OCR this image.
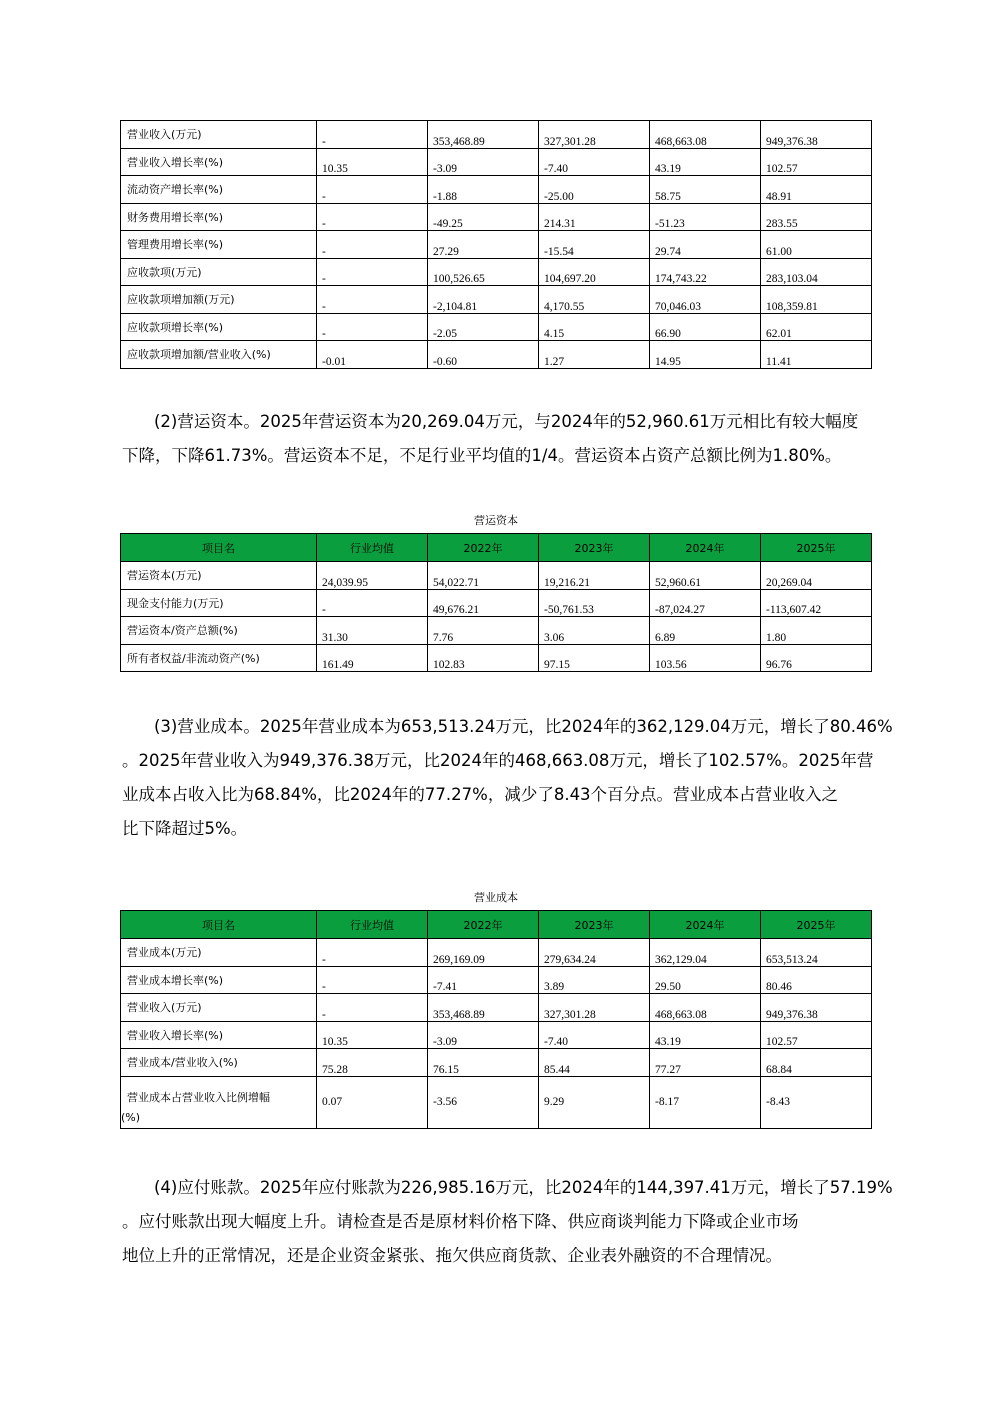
营业收入(万元)	-	353,468.89	327,301.28	468,663.08	949,376.38
营业收入增长率(%)	10.35	-3.09	-7.40	43.19	102.57
流动资产增长率(%)	-	-1.88	-25.00	58.75	48.91
财务费用增长率(%)	-	-49.25	214.31	-51.23	283.55
管理费用增长率(%)	-	27.29	-15.54	29.74	61.00
应收款项(万元)	-	100,526.65	104,697.20	174,743.22	283,103.04
应收款项增加额(万元)	-	-2,104.81	4,170.55	70,046.03	108,359.81
应收款项增长率(%)	-	-2.05	4.15	66.90	62.01
应收款项增加额/营业收入(%)	-0.01	-0.60	1.27	14.95	11.41
(2)营运资本。2025年营运资本为20,269.04万元，与2024年的52,960.61万元相比有较大幅度
下降，下降61.73%。营运资本不足，不足行业平均值的1/4。营运资本占资产总额比例为1.80%。
营运资本
项目名	行业均值	2022年	2023年	2024年	2025年
营运资本(万元)	24,039.95	54,022.71	19,216.21	52,960.61	20,269.04
现金支付能力(万元)	-	49,676.21	-50,761.53	-87,024.27	-113,607.42
营运资本/资产总额(%)	31.30	7.76	3.06	6.89	1.80
所有者权益/非流动资产(%)	161.49	102.83	97.15	103.56	96.76
(3)营业成本。2025年营业成本为653,513.24万元，比2024年的362,129.04万元，增长了80.46%
。2025年营业收入为949,376.38万元，比2024年的468,663.08万元，增长了102.57%。2025年营
业成本占收入比为68.84%，比2024年的77.27%，减少了8.43个百分点。营业成本占营业收入之
比下降超过5%。
营业成本
项目名	行业均值	2022年	2023年	2024年	2025年
营业成本(万元)	-	269,169.09	279,634.24	362,129.04	653,513.24
营业成本增长率(%)	-	-7.41	3.89	29.50	80.46
营业收入(万元)	-	353,468.89	327,301.28	468,663.08	949,376.38
营业收入增长率(%)	10.35	-3.09	-7.40	43.19	102.57
营业成本/营业收入(%)	75.28	76.15	85.44	77.27	68.84

营业成本占营业收入比例增幅
(%)	0.07	-3.56	9.29	-8.17	-8.43
(4)应付账款。2025年应付账款为226,985.16万元，比2024年的144,397.41万元，增长了57.19%
。应付账款出现大幅度上升。请检查是否是原材料价格下降、供应商谈判能力下降或企业市场
地位上升的正常情况，还是企业资金紧张、拖欠供应商货款、企业表外融资的不合理情况。
